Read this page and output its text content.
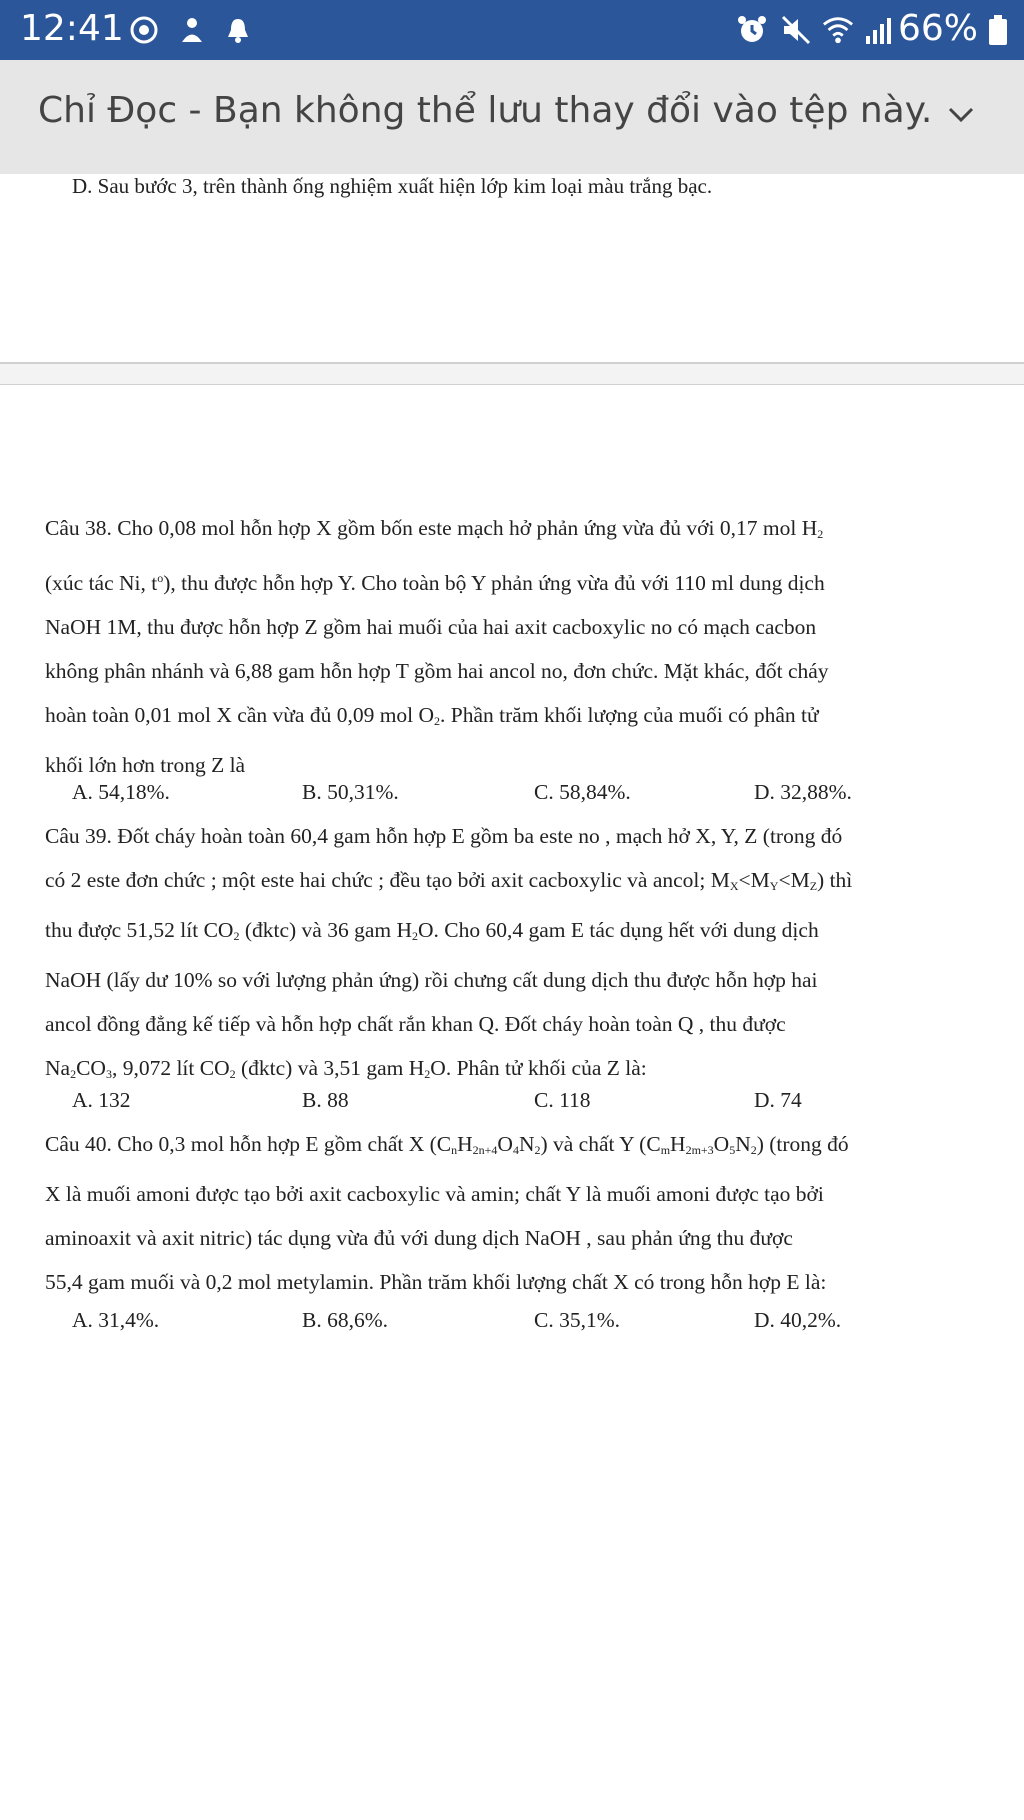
12:41	66%
Chỉ Đọc - Bạn không thể lưu thay đổi vào tệp này.
D. Sau bước 3, trên thành ống nghiệm xuất hiện lớp kim loại màu trắng bạc.

Câu 38. Cho 0,08 mol hỗn hợp X gồm bốn este mạch hở phản ứng vừa đủ với 0,17 mol $H_2$

(xúc tác Ni, $t^o$), thu được hỗn hợp Y. Cho toàn bộ Y phản ứng vừa đủ với 110 ml dung dịch

NaOH 1M, thu được hỗn hợp Z gồm hai muối của hai axit cacboxylic no có mạch cacbon

không phân nhánh và 6,88 gam hỗn hợp T gồm hai ancol no, đơn chức. Mặt khác, đốt cháy

hoàn toàn 0,01 mol X cần vừa đủ 0,09 mol $O_2$. Phần trăm khối lượng của muối có phân tử

khối lớn hơn trong Z là

A. 54,18%.	B. 50,31%.	C. 58,84%.	D. 32,88%.

Câu 39. Đốt cháy hoàn toàn 60,4 gam hỗn hợp E gồm ba este no , mạch hở X, Y, Z (trong đó

có 2 este đơn chức ; một este hai chức ; đều tạo bởi axit cacboxylic và ancol; $M_X<M_Y<M_Z$) thì

thu được 51,52 lít $CO_2$ (đktc) và 36 gam $H_2O$. Cho 60,4 gam E tác dụng hết với dung dịch

NaOH (lấy dư 10% so với lượng phản ứng) rồi chưng cất dung dịch thu được hỗn hợp hai

ancol đồng đẳng kế tiếp và hỗn hợp chất rắn khan Q. Đốt cháy hoàn toàn Q , thu được

$Na_2CO_3$, 9,072 lít $CO_2$ (đktc) và 3,51 gam $H_2O$. Phân tử khối của Z là:

A. 132	B. 88	C. 118	D. 74

Câu 40. Cho 0,3 mol hỗn hợp E gồm chất X $(C_nH_{2n+4}O_4N_2)$ và chất Y $(C_mH_{2m+3}O_5N_2)$ (trong đó

X là muối amoni được tạo bởi axit cacboxylic và amin; chất Y là muối amoni được tạo bởi

aminoaxit và axit nitric) tác dụng vừa đủ với dung dịch NaOH , sau phản ứng thu được

55,4 gam muối và 0,2 mol metylamin. Phần trăm khối lượng chất X có trong hỗn hợp E là:

A. 31,4%.	B. 68,6%.	C. 35,1%.	D. 40,2%.
